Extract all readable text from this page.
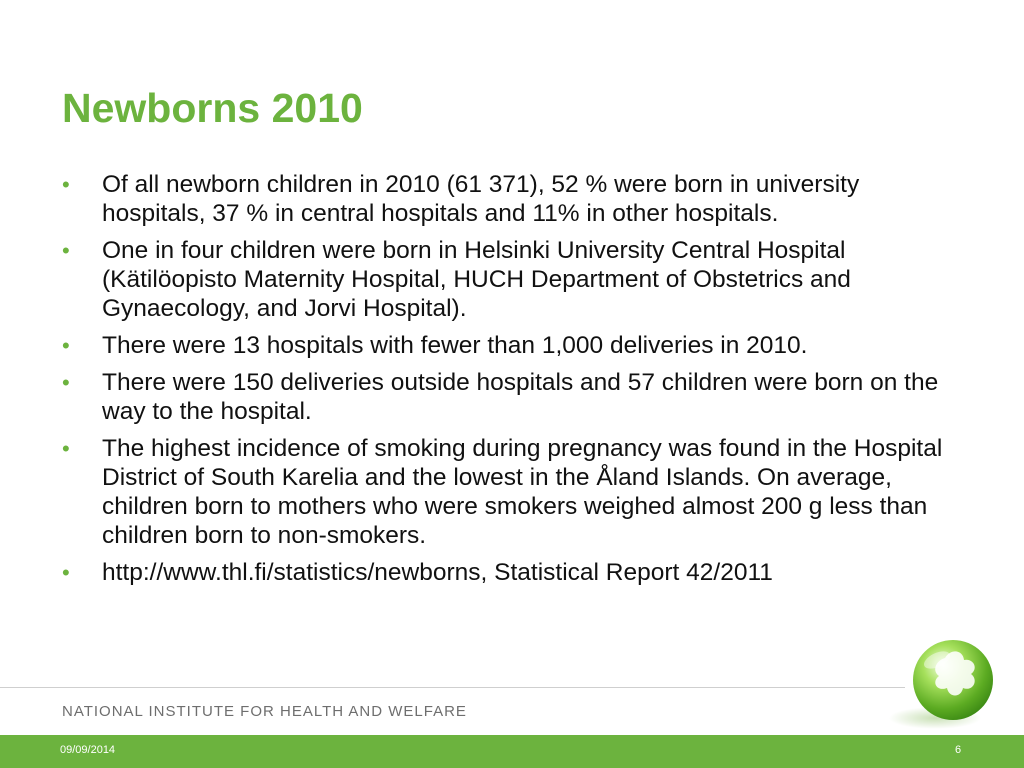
Newborns 2010
•	Of all newborn children in 2010 (61 371), 52 % were born in university hospitals, 37 % in central hospitals and 11% in other hospitals.
•	One in four children were born in Helsinki University Central Hospital (Kätilöopisto Maternity Hospital, HUCH Department of Obstetrics and Gynaecology, and Jorvi Hospital).
•	There were 13 hospitals with fewer than 1,000 deliveries in 2010.
•	There were 150 deliveries outside hospitals and 57 children were born on the way to the hospital.
•	The highest incidence of smoking during pregnancy was found in the Hospital District of South Karelia and the lowest in the Åland Islands. On average, children born to mothers who were smokers weighed almost 200 g less than children born to non-smokers.
•	http://www.thl.fi/statistics/newborns, Statistical Report 42/2011
NATIONAL INSTITUTE FOR HEALTH AND WELFARE
09/09/2014	6
